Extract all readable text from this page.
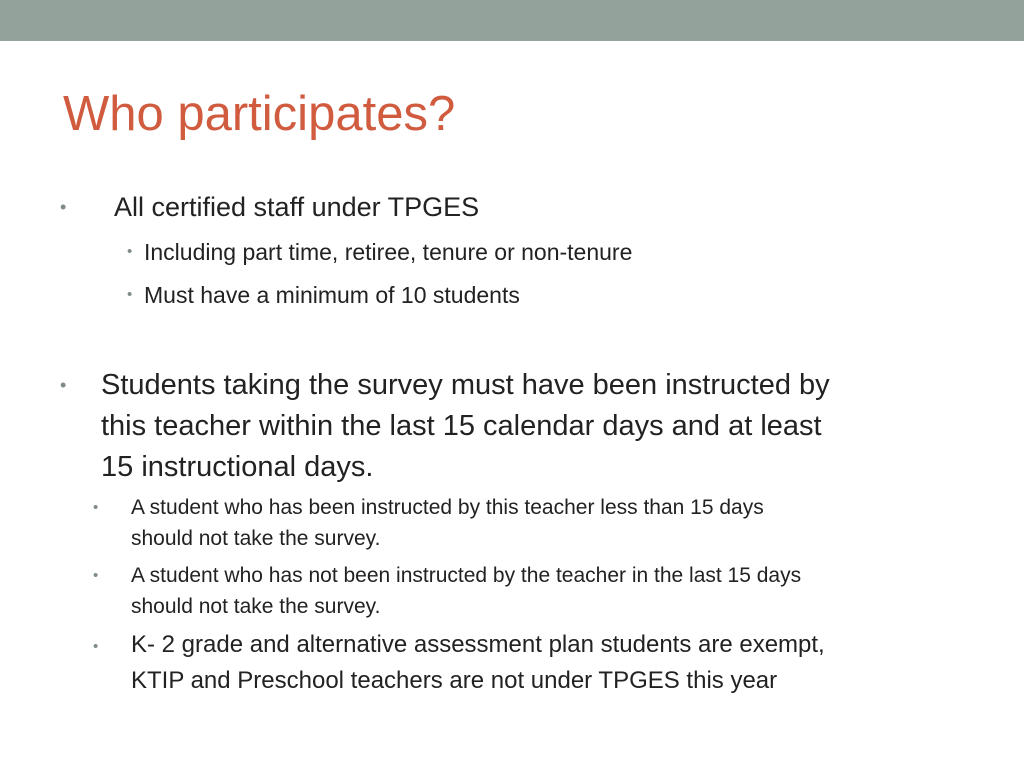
Who participates?
• All certified staff under TPGES
• Including part time, retiree, tenure or non-tenure
• Must have a minimum of 10 students
• Students taking the survey must have been instructed by
this teacher within the last 15 calendar days and at least
15 instructional days.
• A student who has been instructed by this teacher less than 15 days
should not take the survey.
• A student who has not been instructed by the teacher in the last 15 days
should not take the survey.
• K- 2 grade and alternative assessment plan students are exempt,
KTIP and Preschool teachers are not under TPGES this year
